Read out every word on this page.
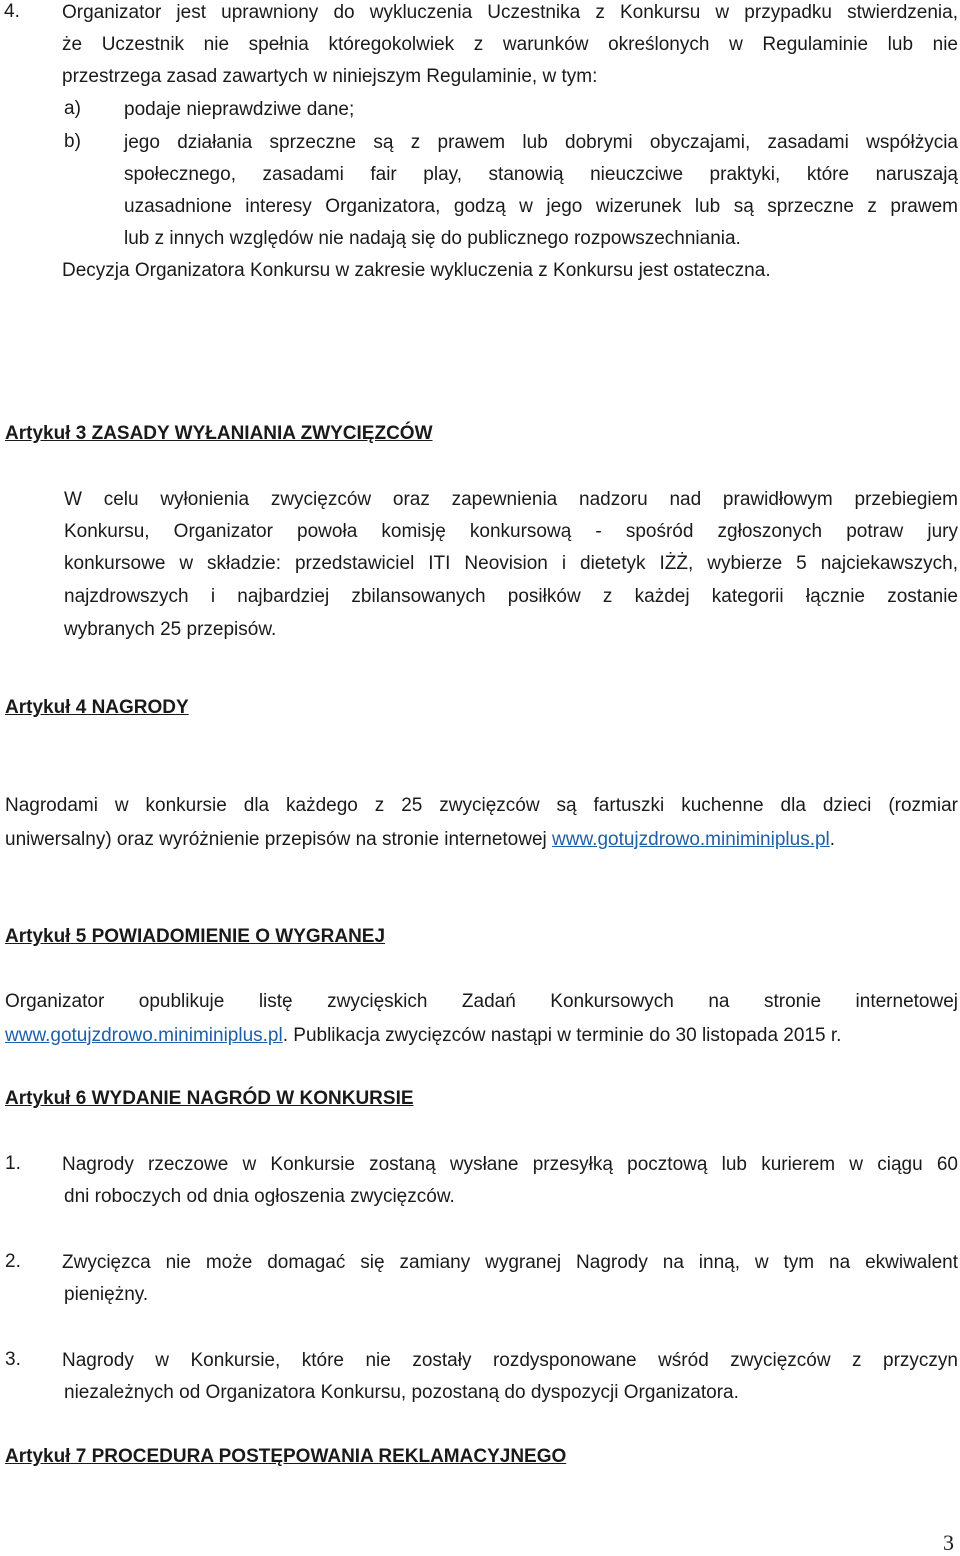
4. Organizator jest uprawniony do wykluczenia Uczestnika z Konkursu w przypadku stwierdzenia,
że Uczestnik nie spełnia któregokolwiek z warunków określonych w Regulaminie lub nie
przestrzega zasad zawartych w niniejszym Regulaminie, w tym:
a) podaje nieprawdziwe dane;
b) jego działania sprzeczne są z prawem lub dobrymi obyczajami, zasadami współżycia
społecznego, zasadami fair play, stanowią nieuczciwe praktyki, które naruszają
uzasadnione interesy Organizatora, godzą w jego wizerunek lub są sprzeczne z prawem
lub z innych względów nie nadają się do publicznego rozpowszechniania.
Decyzja Organizatora Konkursu w zakresie wykluczenia z Konkursu jest ostateczna.
Artykuł 3 ZASADY WYŁANIANIA ZWYCIĘZCÓW
W celu wyłonienia zwycięzców oraz zapewnienia nadzoru nad prawidłowym przebiegiem
Konkursu, Organizator powoła komisję konkursową - spośród zgłoszonych potraw jury
konkursowe w składzie: przedstawiciel ITI Neovision i dietetyk IŻŻ, wybierze 5 najciekawszych,
najzdrowszych i najbardziej zbilansowanych posiłków z każdej kategorii łącznie zostanie
wybranych 25 przepisów.
Artykuł 4 NAGRODY
Nagrodami w konkursie dla każdego z 25 zwycięzców są fartuszki kuchenne dla dzieci (rozmiar
uniwersalny) oraz wyróżnienie przepisów na stronie internetowej www.gotujzdrowo.miniminiplus.pl.
Artykuł 5 POWIADOMIENIE O WYGRANEJ
Organizator opublikuje listę zwycięskich Zadań Konkursowych na stronie internetowej
www.gotujzdrowo.miniminiplus.pl. Publikacja zwycięzców nastąpi w terminie do 30 listopada 2015 r.
Artykuł 6 WYDANIE NAGRÓD W KONKURSIE
1. Nagrody rzeczowe w Konkursie zostaną wysłane przesyłką pocztową lub kurierem w ciągu 60
dni roboczych od dnia ogłoszenia zwycięzców.
2. Zwycięzca nie może domagać się zamiany wygranej Nagrody na inną, w tym na ekwiwalent
pieniężny.
3. Nagrody w Konkursie, które nie zostały rozdysponowane wśród zwycięzców z przyczyn
niezależnych od Organizatora Konkursu, pozostaną do dyspozycji Organizatora.
Artykuł 7 PROCEDURA POSTĘPOWANIA REKLAMACYJNEGO
3
